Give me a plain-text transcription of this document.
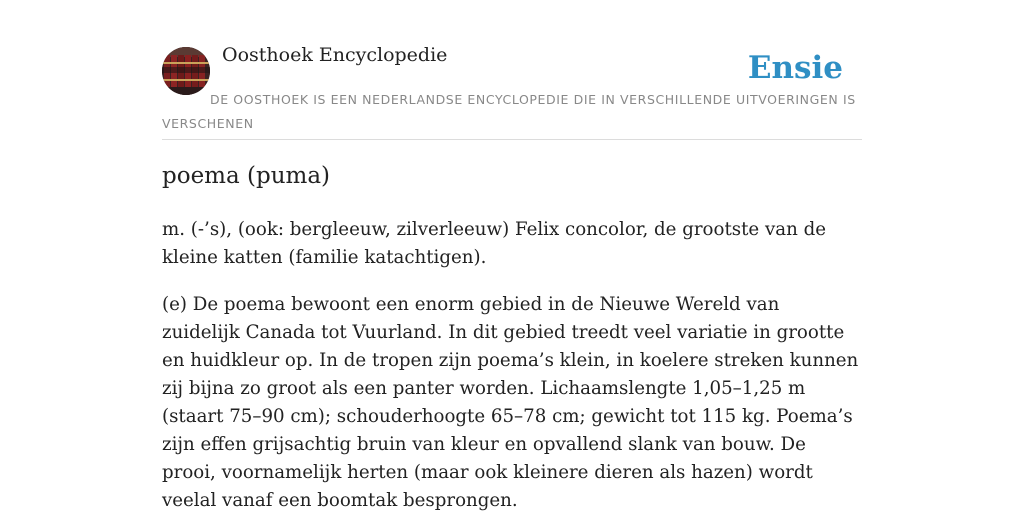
Oosthoek Encyclopedie	Ensie
DE OOSTHOEK IS EEN NEDERLANDSE ENCYCLOPEDIE DIE IN VERSCHILLENDE UITVOERINGEN IS VERSCHENEN
poema (puma)

m. (-’s), (ook: bergleeuw, zilverleeuw) Felix concolor, de grootste van de kleine katten (familie katachtigen).

(e) De poema bewoont een enorm gebied in de Nieuwe Wereld van zuidelijk Canada tot Vuurland. In dit gebied treedt veel variatie in grootte en huidkleur op. In de tropen zijn poema’s klein, in koelere streken kunnen zij bijna zo groot als een panter worden. Lichaamslengte 1,05–1,25 m (staart 75–90 cm); schouderhoogte 65–78 cm; gewicht tot 115 kg. Poema’s zijn effen grijsachtig bruin van kleur en opvallend slank van bouw. De prooi, voornamelijk herten (maar ook kleinere dieren als hazen) wordt veelal vanaf een boomtak besprongen.
